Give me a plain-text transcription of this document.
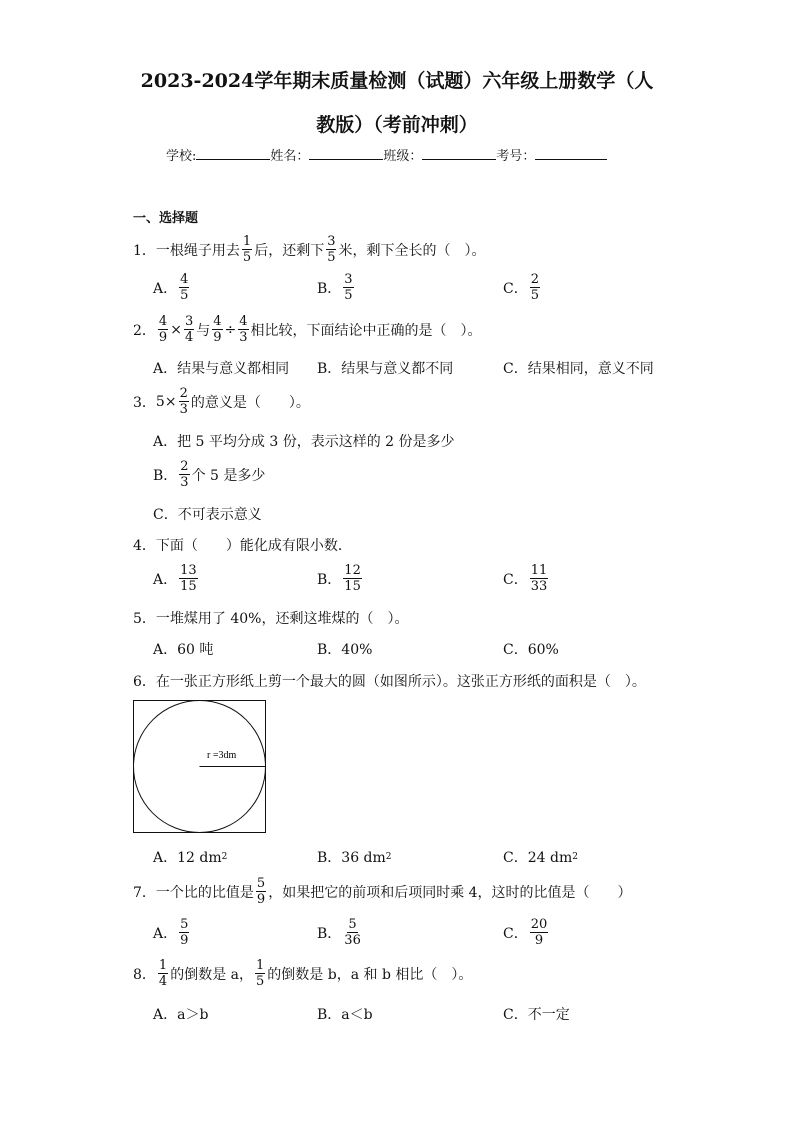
2023-2024学年期末质量检测（试题）六年级上册数学（人
教版）（考前冲刺）
学校:	姓名：	班级：	考号：
一、选择题
1． 一根绳子用去 $\frac{1}{5}$ 后，还剩下 $\frac{3}{5}$ 米，剩下全长的（　）。
A． $\frac{4}{5}$	B． $\frac{3}{5}$	C． $\frac{2}{5}$
2． $\frac{4}{9} \times \frac{3}{4}$ 与 $\frac{4}{9} \div \frac{4}{3}$ 相比较，下面结论中正确的是（　）。
A．结果与意义都相同 B．结果与意义都不同	C．结果相同，意义不同
3． $5\times \frac{2}{3}$ 的意义是（　　）。
A．把 5 平均分成 3 份，表示这样的 2 份是多少
B． $\frac{2}{3}$ 个 5 是多少
C．不可表示意义
4． 下面（　　）能化成有限小数．
A． $\frac{13}{15}$	B． $\frac{12}{15}$	C． $\frac{11}{33}$
5． 一堆煤用了 40%，还剩这堆煤的（　）。
A．60 吨	B．40%	C．60%
6． 在一张正方形纸上剪一个最大的圆（如图所示）。这张正方形纸的面积是（　）。
r =3dm
A．12 dm 2	B．36 dm 2	C．24 dm 2
7． 一个比的比值是 $\frac{5}{9}$ ，如果把它的前项和后项同时乘 4，这时的比值是（　　）
A． $\frac{5}{9}$	B． $\frac{5}{36}$	C． $\frac{20}{9}$
8． $\frac{1}{4}$ 的倒数是 a， $\frac{1}{5}$ 的倒数是 b，a 和 b 相比（　）。
A．a＞b	B．a＜b	C．不一定
